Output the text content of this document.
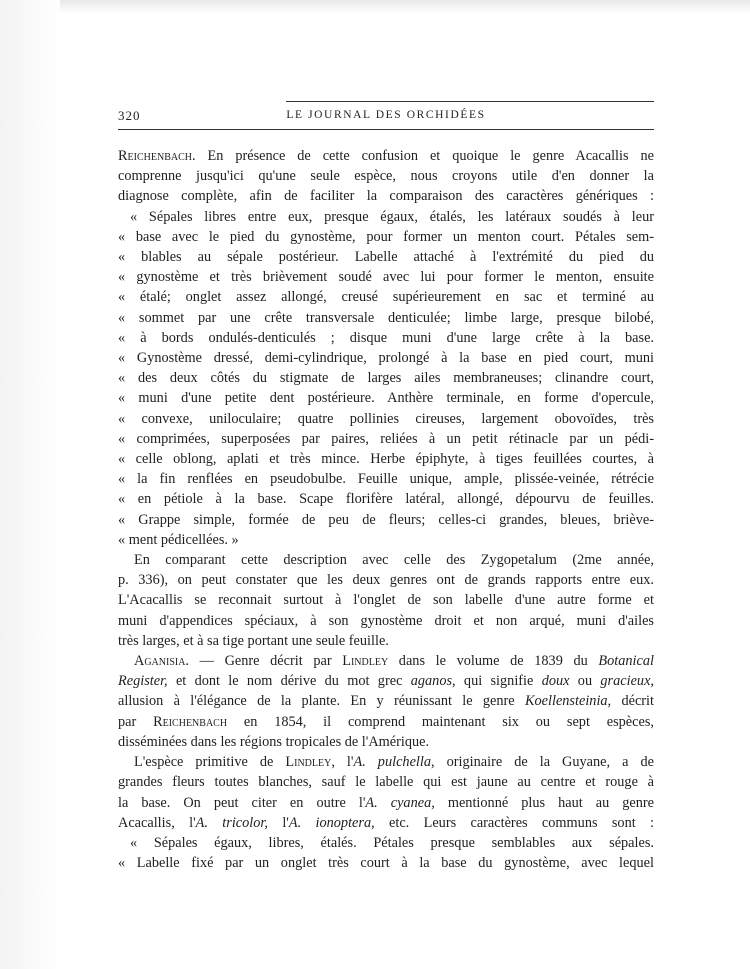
320	LE JOURNAL DES ORCHIDÉES
Reichenbach. En présence de cette confusion et quoique le genre Acacallis ne
comprenne jusqu'ici qu'une seule espèce, nous croyons utile d'en donner la
diagnose complète, afin de faciliter la comparaison des caractères génériques :
« Sépales libres entre eux, presque égaux, étalés, les latéraux soudés à leur
« base avec le pied du gynostème, pour former un menton court. Pétales sem-
« blables au sépale postérieur. Labelle attaché à l'extrémité du pied du
« gynostème et très brièvement soudé avec lui pour former le menton, ensuite
« étalé; onglet assez allongé, creusé supérieurement en sac et terminé au
« sommet par une crête transversale denticulée; limbe large, presque bilobé,
« à bords ondulés-denticulés ; disque muni d'une large crête à la base.
« Gynostème dressé, demi-cylindrique, prolongé à la base en pied court, muni
« des deux côtés du stigmate de larges ailes membraneuses; clinandre court,
« muni d'une petite dent postérieure. Anthère terminale, en forme d'opercule,
« convexe, uniloculaire; quatre pollinies cireuses, largement obovoïdes, très
« comprimées, superposées par paires, reliées à un petit rétinacle par un pédi-
« celle oblong, aplati et très mince. Herbe épiphyte, à tiges feuillées courtes, à
« la fin renflées en pseudobulbe. Feuille unique, ample, plissée-veinée, rétrécie
« en pétiole à la base. Scape florifère latéral, allongé, dépourvu de feuilles.
« Grappe simple, formée de peu de fleurs; celles-ci grandes, bleues, briève-
« ment pédicellées. »
En comparant cette description avec celle des Zygopetalum (2me année,
p. 336), on peut constater que les deux genres ont de grands rapports entre eux.
L'Acacallis se reconnait surtout à l'onglet de son labelle d'une autre forme et
muni d'appendices spéciaux, à son gynostème droit et non arqué, muni d'ailes
très larges, et à sa tige portant une seule feuille.
Aganisia. — Genre décrit par Lindley dans le volume de 1839 du Botanical
Register, et dont le nom dérive du mot grec aganos, qui signifie doux ou gracieux,
allusion à l'élégance de la plante. En y réunissant le genre Koellensteinia, décrit
par Reichenbach en 1854, il comprend maintenant six ou sept espèces,
disséminées dans les régions tropicales de l'Amérique.
L'espèce primitive de Lindley, l'A. pulchella, originaire de la Guyane, a de
grandes fleurs toutes blanches, sauf le labelle qui est jaune au centre et rouge à
la base. On peut citer en outre l'A. cyanea, mentionné plus haut au genre
Acacallis, l'A. tricolor, l'A. ionoptera, etc. Leurs caractères communs sont :
« Sépales égaux, libres, étalés. Pétales presque semblables aux sépales.
« Labelle fixé par un onglet très court à la base du gynostème, avec lequel
